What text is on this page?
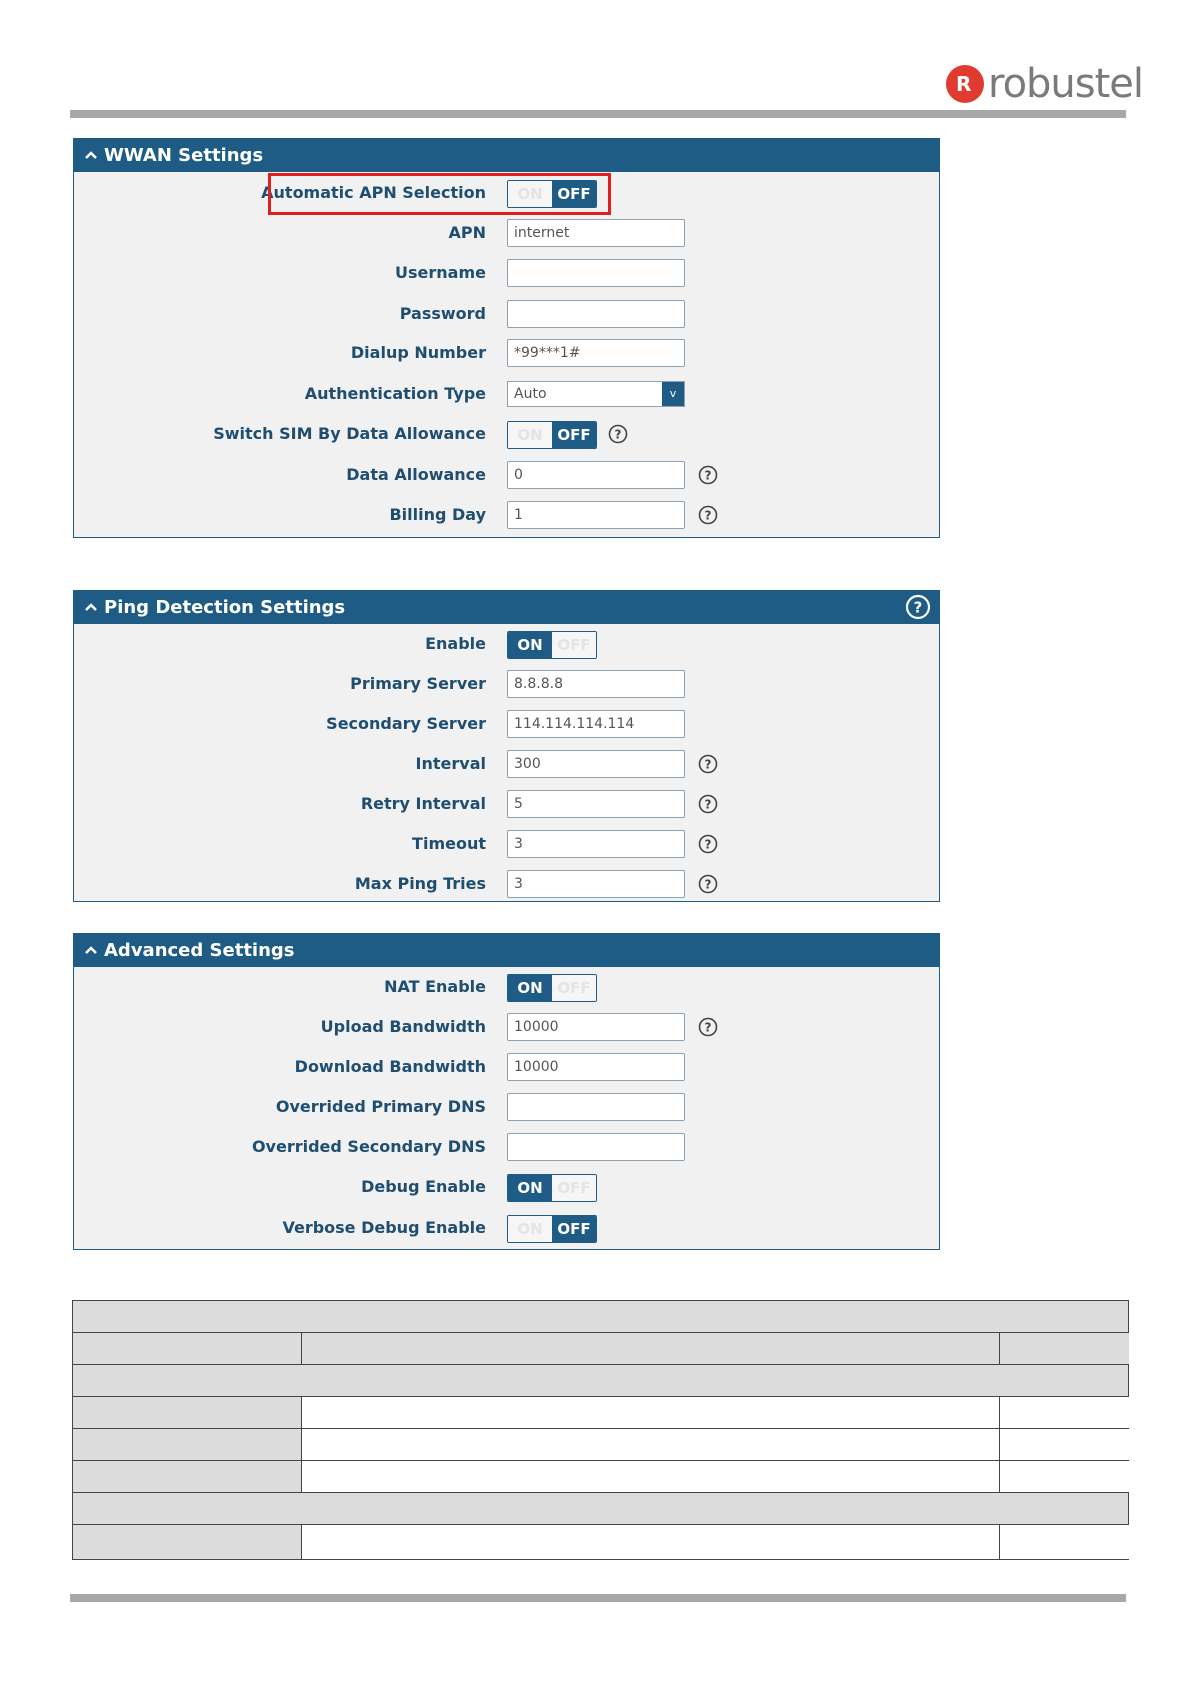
R robustel
WWAN Settings
Automatic APN Selection	ON OFF
APN	internet
Username
Password
Dialup Number	*99***1#
Authentication Type	Auto	v
Switch SIM By Data Allowance	ON OFF	?
Data Allowance	0	?
Billing Day	1	?
Ping Detection Settings	?
Enable	ON OFF
Primary Server	8.8.8.8
Secondary Server	114.114.114.114
Interval	300	?
Retry Interval	5	?
Timeout	3	?
Max Ping Tries	3	?
Advanced Settings
NAT Enable	ON OFF
Upload Bandwidth	10000	?
Download Bandwidth	10000
Overrided Primary DNS
Overrided Secondary DNS
Debug Enable	ON OFF
Verbose Debug Enable	ON OFF
